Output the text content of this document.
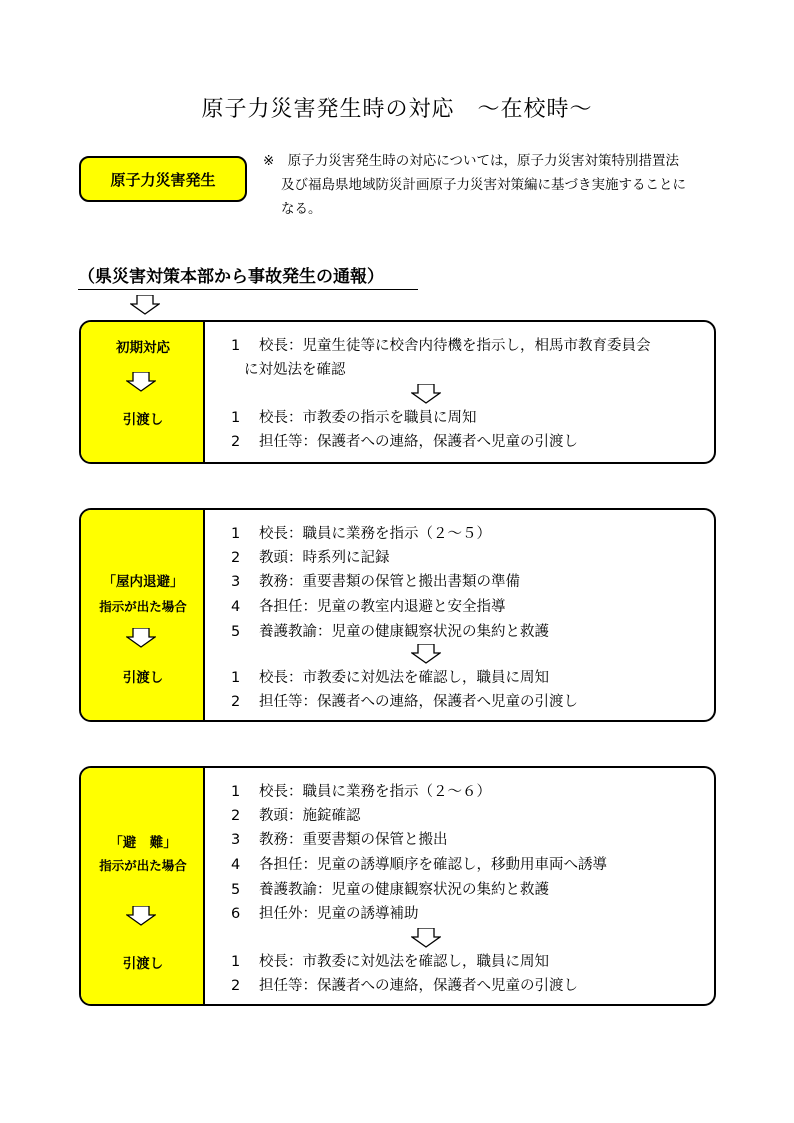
原子力災害発生時の対応　～在校時～
原子力災害発生
※　原子力災害発生時の対応については，原子力災害対策特別措置法

及び福島県地域防災計画原子力災害対策編に基づき実施することに
なる。
（県災害対策本部から事故発生の通報）
初期対応
引渡し
1 校長：児童生徒等に校舎内待機を指示し，相馬市教育委員会
に対処法を確認
1 校長：市教委の指示を職員に周知
2 担任等：保護者への連絡，保護者へ児童の引渡し
「屋内退避」
指示が出た場合
引渡し
1 校長：職員に業務を指示（２～５）
2 教頭：時系列に記録
3 教務：重要書類の保管と搬出書類の準備
4 各担任：児童の教室内退避と安全指導
5 養護教諭：児童の健康観察状況の集約と救護
1 校長：市教委に対処法を確認し，職員に周知
2 担任等：保護者への連絡，保護者へ児童の引渡し
「避　難」
指示が出た場合
引渡し
1 校長：職員に業務を指示（２～６）
2 教頭：施錠確認
3 教務：重要書類の保管と搬出
4 各担任：児童の誘導順序を確認し，移動用車両へ誘導
5 養護教諭：児童の健康観察状況の集約と救護
6 担任外：児童の誘導補助
1 校長：市教委に対処法を確認し，職員に周知
2 担任等：保護者への連絡，保護者へ児童の引渡し
